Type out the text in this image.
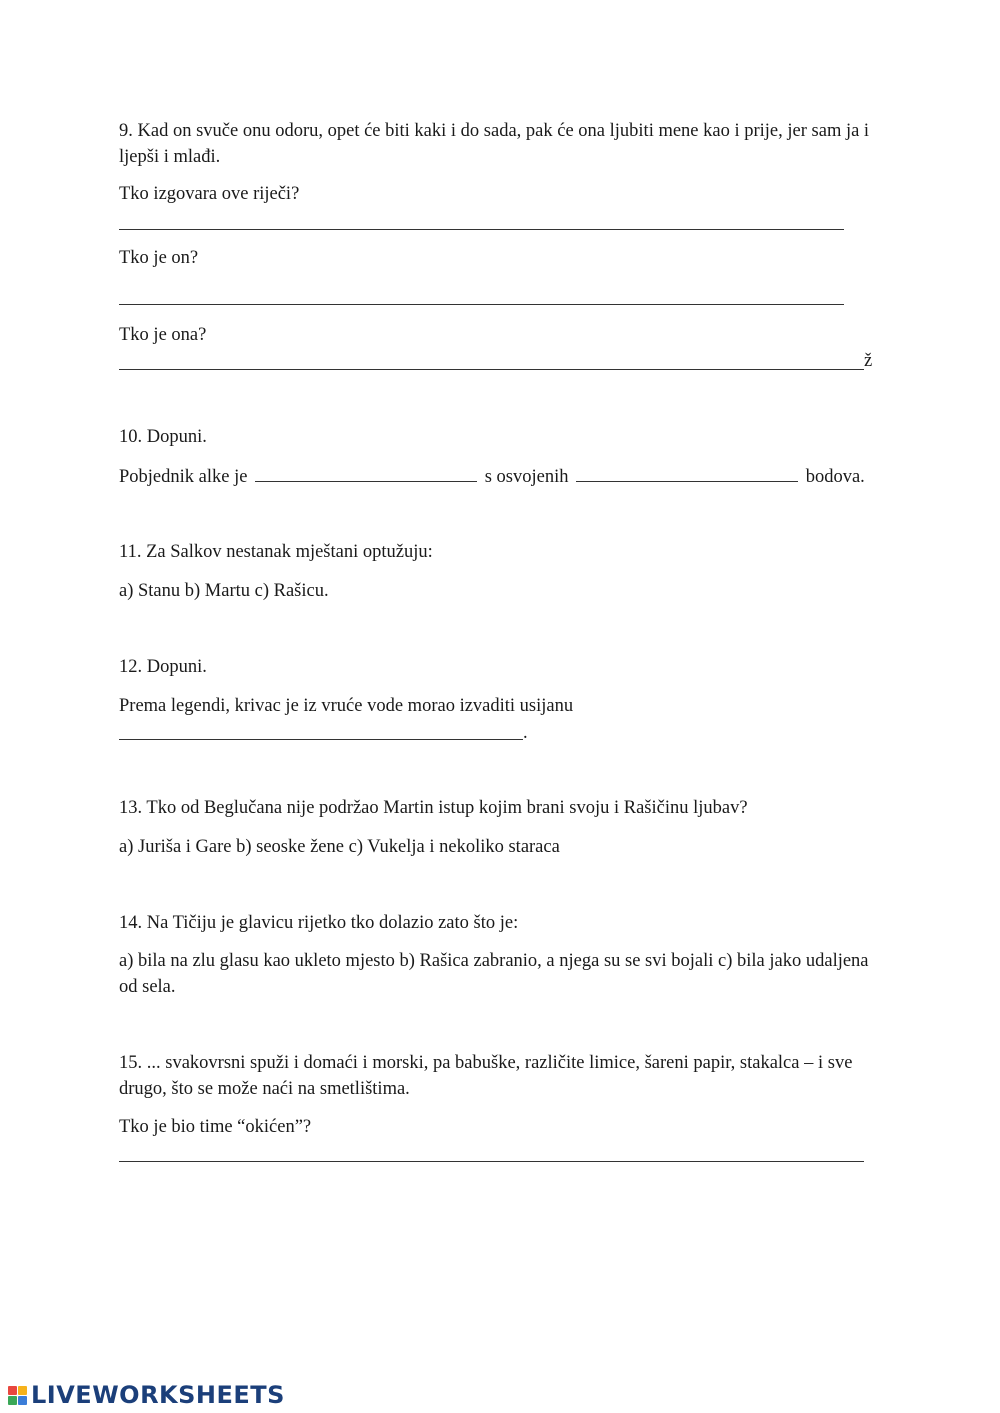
9. Kad on svuče onu odoru, opet će biti kaki i do sada, pak će ona ljubiti mene kao i prije, jer sam ja i ljepši i mlađi.
Tko izgovara ove riječi?
Tko je on?
Tko je ona?
ž
10. Dopuni.
Pobjednik alke je	s osvojenih	bodova.
11. Za Salkov nestanak mještani optužuju:
a) Stanu b) Martu c) Rašicu.
12. Dopuni.
Prema legendi, krivac je iz vruće vode morao izvaditi usijanu
.
13. Tko od Beglučana nije podržao Martin istup kojim brani svoju i Rašičinu ljubav?
a) Juriša i Gare b) seoske žene c) Vukelja i nekoliko staraca
14. Na Tičiju je glavicu rijetko tko dolazio zato što je:
a) bila na zlu glasu kao ukleto mjesto b) Rašica zabranio, a njega su se svi bojali c) bila jako udaljena od sela.
15. ... svakovrsni spuži i domaći i morski, pa babuške, različite limice, šareni papir, stakalca – i sve drugo, što se može naći na smetlištima.
Tko je bio time “okićen”?
LIVEWORKSHEETS
